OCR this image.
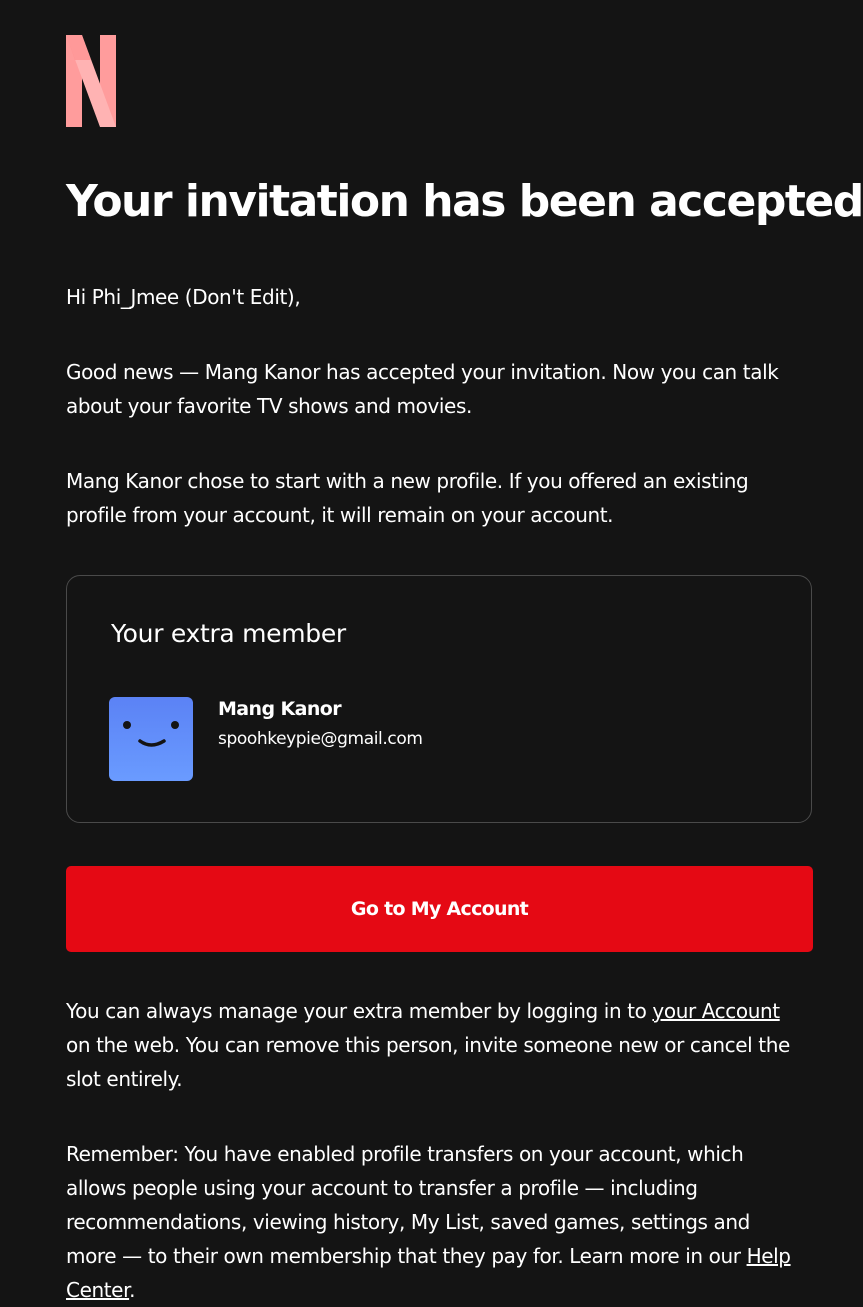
Your invitation has been accepted

Hi Phi_Jmee (Don't Edit),

Good news — Mang Kanor has accepted your invitation. Now you can talk about your favorite TV shows and movies.

Mang Kanor chose to start with a new profile. If you offered an existing profile from your account, it will remain on your account.

Your extra member
Mang Kanor
spoohkeypie@gmail.com
Go to My Account

You can always manage your extra member by logging in to your Account on the web. You can remove this person, invite someone new or cancel the slot entirely.

Remember: You have enabled profile transfers on your account, which allows people using your account to transfer a profile — including recommendations, viewing history, My List, saved games, settings and more — to their own membership that they pay for. Learn more in our Help Center.
